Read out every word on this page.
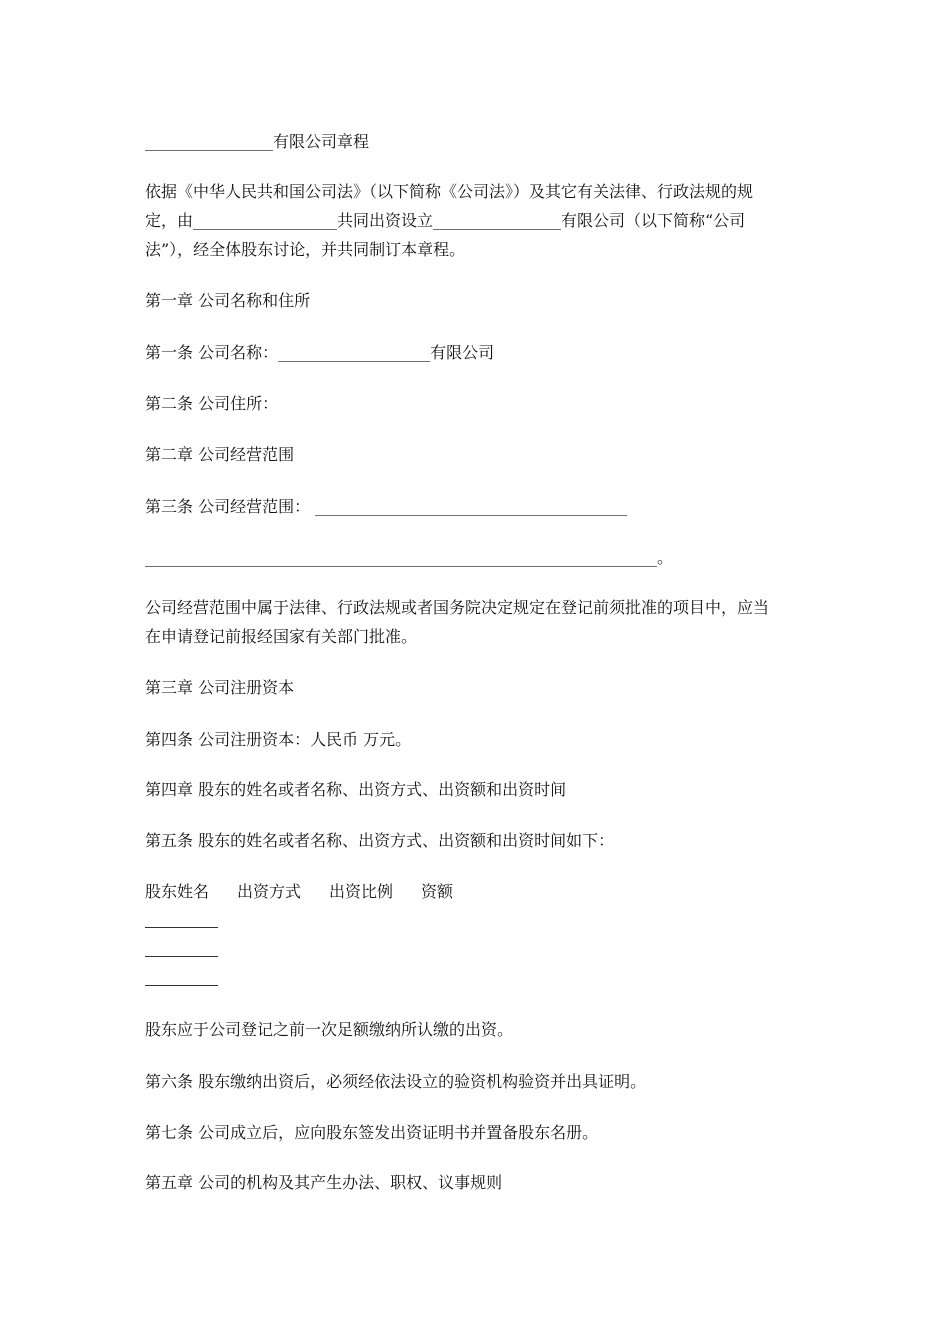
________________有限公司章程
依据《中华人民共和国公司法》（以下简称《公司法》）及其它有关法律、行政法规的规
定，由__________________共同出资设立________________有限公司（以下简称“公司
法”），经全体股东讨论，并共同制订本章程。
第一章 公司名称和住所
第一条 公司名称：___________________有限公司
第二条 公司住所：
第二章 公司经营范围
第三条 公司经营范围： _______________________________________
________________________________________________________________。
公司经营范围中属于法律、行政法规或者国务院决定规定在登记前须批准的项目中，应当
在申请登记前报经国家有关部门批准。
第三章 公司注册资本
第四条 公司注册资本：人民币 万元。
第四章 股东的姓名或者名称、出资方式、出资额和出资时间
第五条 股东的姓名或者名称、出资方式、出资额和出资时间如下：
股东姓名 出资方式 出资比例 资额
股东应于公司登记之前一次足额缴纳所认缴的出资。
第六条 股东缴纳出资后，必须经依法设立的验资机构验资并出具证明。
第七条 公司成立后，应向股东签发出资证明书并置备股东名册。
第五章 公司的机构及其产生办法、职权、议事规则
